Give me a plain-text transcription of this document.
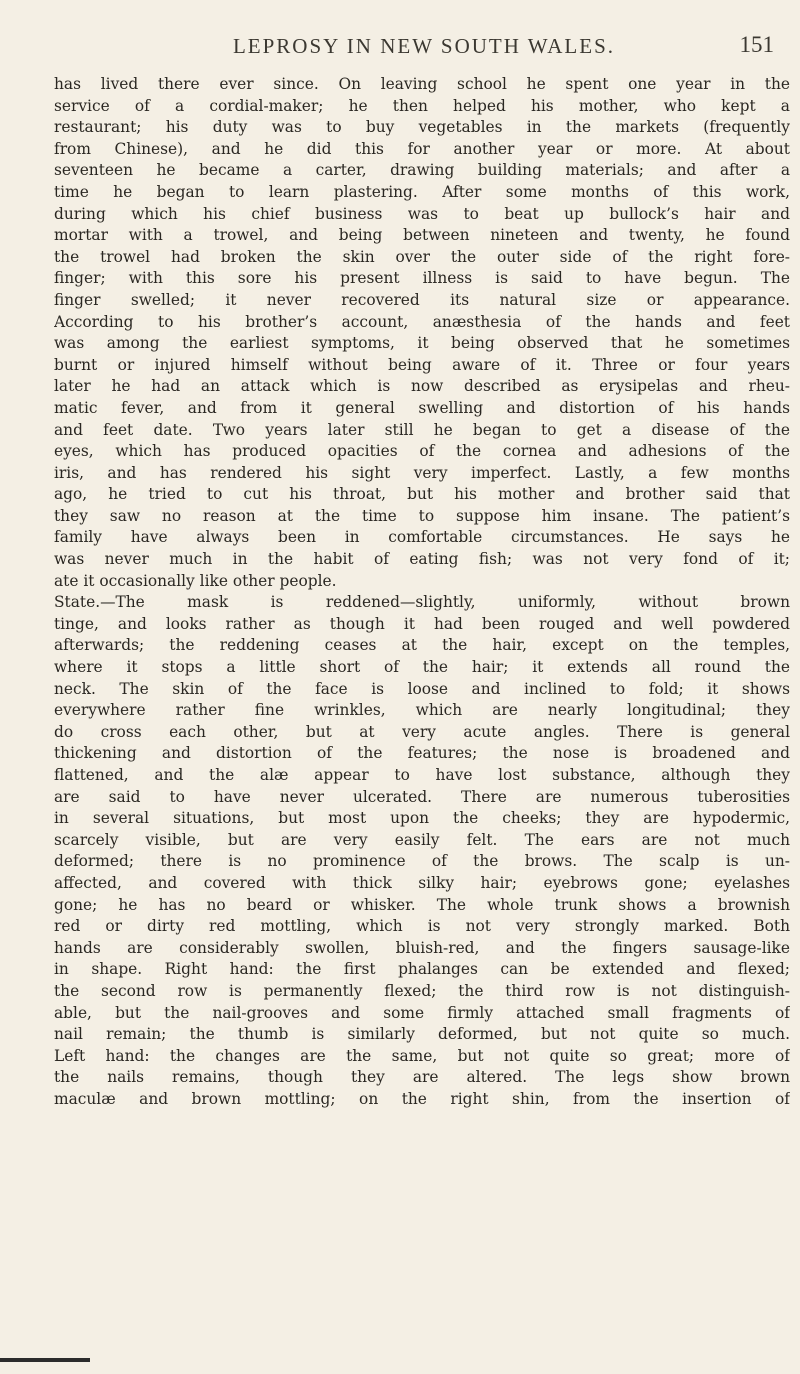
LEPROSY IN NEW SOUTH WALES.	151
has lived there ever since. On leaving school he spent one year in the
service of a cordial-maker; he then helped his mother, who kept a
restaurant; his duty was to buy vegetables in the markets (frequently
from Chinese), and he did this for another year or more. At about
seventeen he became a carter, drawing building materials; and after a
time he began to learn plastering. After some months of this work,
during which his chief business was to beat up bullock’s hair and
mortar with a trowel, and being between nineteen and twenty, he found
the trowel had broken the skin over the outer side of the right fore-
finger; with this sore his present illness is said to have begun. The
finger swelled; it never recovered its natural size or appearance.
According to his brother’s account, anæsthesia of the hands and feet
was among the earliest symptoms, it being observed that he sometimes
burnt or injured himself without being aware of it. Three or four years
later he had an attack which is now described as erysipelas and rheu-
matic fever, and from it general swelling and distortion of his hands
and feet date. Two years later still he began to get a disease of the
eyes, which has produced opacities of the cornea and adhesions of the
iris, and has rendered his sight very imperfect. Lastly, a few months
ago, he tried to cut his throat, but his mother and brother said that
they saw no reason at the time to suppose him insane. The patient’s
family have always been in comfortable circumstances. He says he
was never much in the habit of eating fish; was not very fond of it;
ate it occasionally like other people.
State.—The mask is reddened—slightly, uniformly, without brown
tinge, and looks rather as though it had been rouged and well powdered
afterwards; the reddening ceases at the hair, except on the temples,
where it stops a little short of the hair; it extends all round the
neck. The skin of the face is loose and inclined to fold; it shows
everywhere rather fine wrinkles, which are nearly longitudinal; they
do cross each other, but at very acute angles. There is general
thickening and distortion of the features; the nose is broadened and
flattened, and the alæ appear to have lost substance, although they
are said to have never ulcerated. There are numerous tuberosities
in several situations, but most upon the cheeks; they are hypodermic,
scarcely visible, but are very easily felt. The ears are not much
deformed; there is no prominence of the brows. The scalp is un-
affected, and covered with thick silky hair; eyebrows gone; eyelashes
gone; he has no beard or whisker. The whole trunk shows a brownish
red or dirty red mottling, which is not very strongly marked. Both
hands are considerably swollen, bluish-red, and the fingers sausage-like
in shape. Right hand: the first phalanges can be extended and flexed;
the second row is permanently flexed; the third row is not distinguish-
able, but the nail-grooves and some firmly attached small fragments of
nail remain; the thumb is similarly deformed, but not quite so much.
Left hand: the changes are the same, but not quite so great; more of
the nails remains, though they are altered. The legs show brown
maculæ and brown mottling; on the right shin, from the insertion of
